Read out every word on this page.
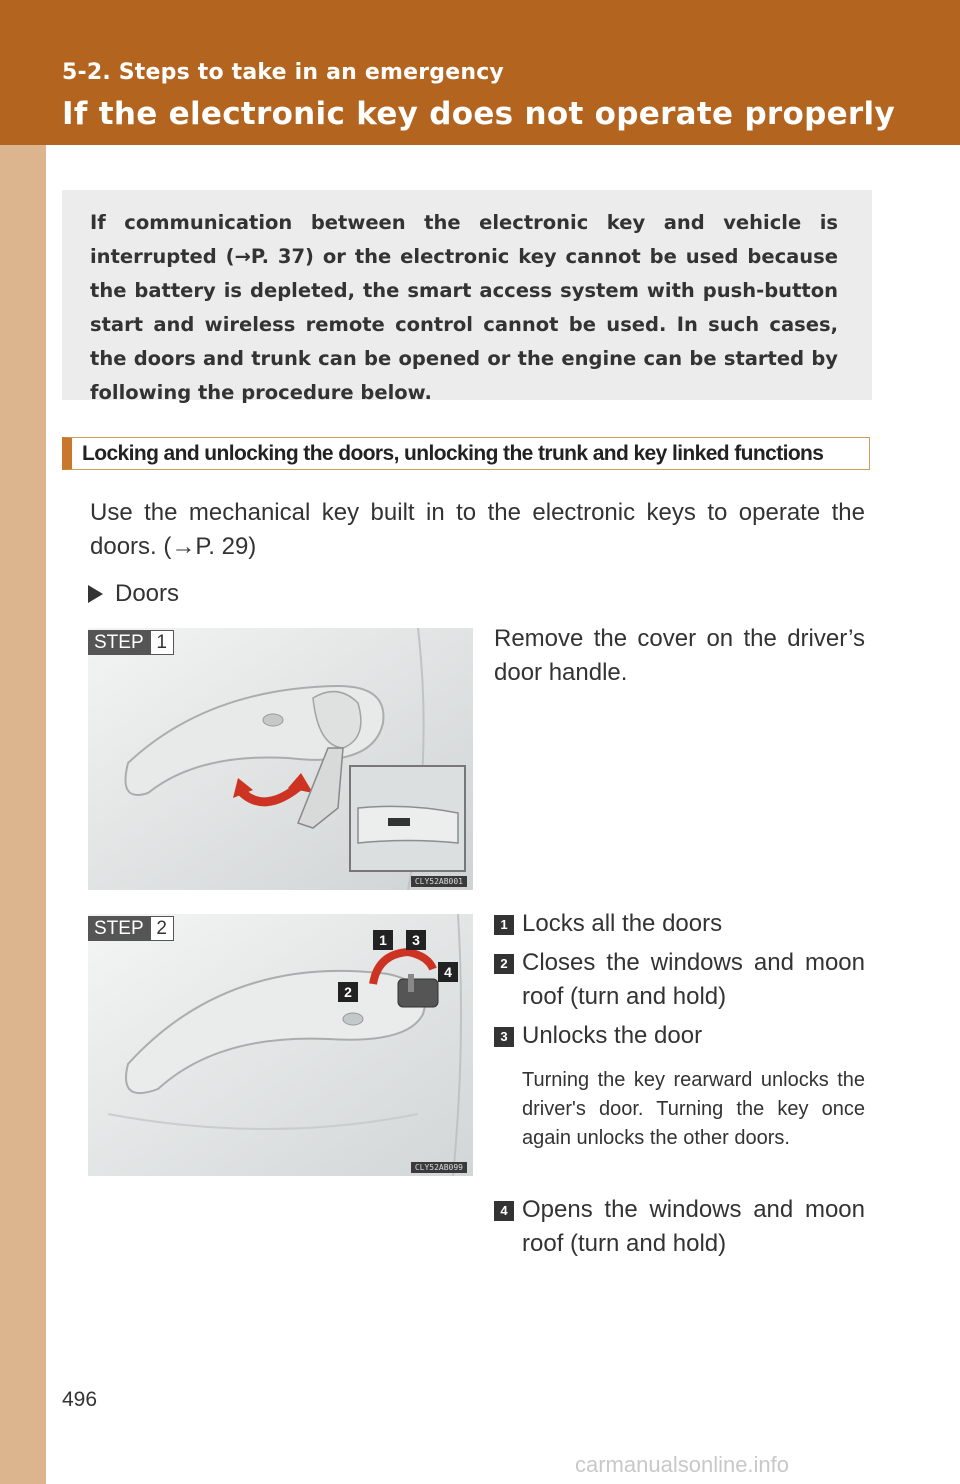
5-2. Steps to take in an emergency
If the electronic key does not operate properly

If communication between the electronic key and vehicle is interrupted (→P. 37) or the electronic key cannot be used because the battery is depleted, the smart access system with push-button start and wireless remote control cannot be used. In such cases, the doors and trunk can be opened or the engine can be started by following the procedure below.

Locking and unlocking the doors, unlocking the trunk and key linked functions

Use the mechanical key built in to the electronic keys to operate the doors. (→P. 29)

Doors
STEP 1
CLY52AB001

Remove the cover on the driver’s door handle.

STEP 2
1
2
3
4
CLY52AB099
1 Locks all the doors
2 Closes the windows and moon roof (turn and hold)
3 Unlocks the door

Turning the key rearward unlocks the driver's door. Turning the key once again unlocks the other doors.

4 Opens the windows and moon roof (turn and hold)
496
carmanualsonline.info
